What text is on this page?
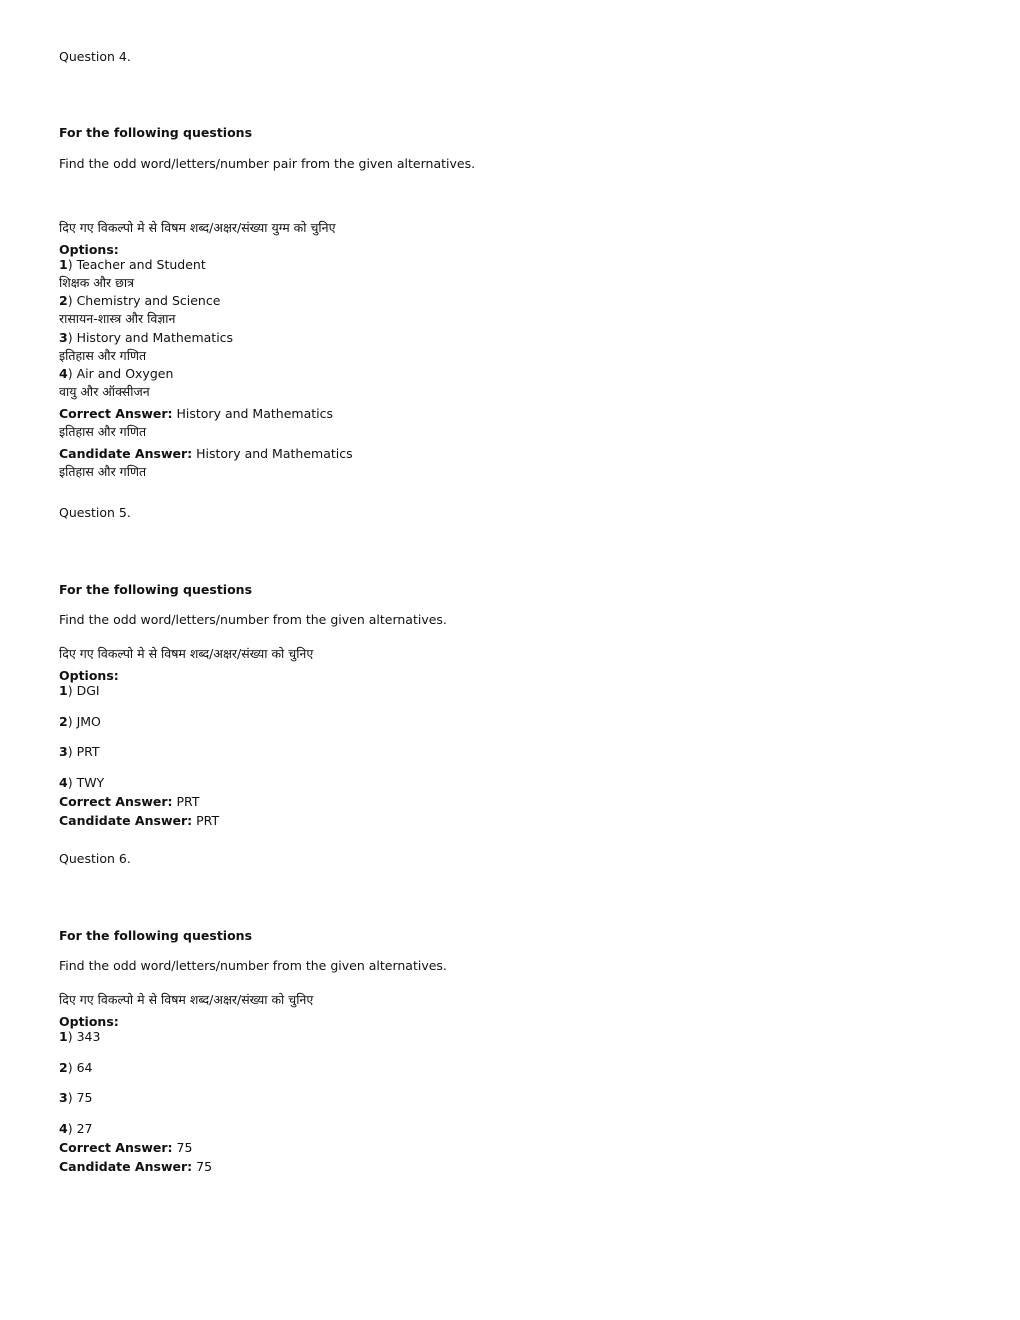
Question 4.
For the following questions
Find the odd word/letters/number pair from the given alternatives.
दिए गए विकल्पो मे से विषम शब्द/अक्षर/संख्या युग्म को चुनिए
Options:
1) Teacher and Student
शिक्षक और छात्र
2) Chemistry and Science
रासायन-शास्त्र और विज्ञान
3) History and Mathematics
इतिहास और गणित
4) Air and Oxygen
वायु और ऑक्सीजन
Correct Answer: History and Mathematics
इतिहास और गणित
Candidate Answer: History and Mathematics
इतिहास और गणित
Question 5.
For the following questions
Find the odd word/letters/number from the given alternatives.
दिए गए विकल्पो मे से विषम शब्द/अक्षर/संख्या को चुनिए
Options:
1) DGI
2) JMO
3) PRT
4) TWY
Correct Answer: PRT
Candidate Answer: PRT
Question 6.
For the following questions
Find the odd word/letters/number from the given alternatives.
दिए गए विकल्पो मे से विषम शब्द/अक्षर/संख्या को चुनिए
Options:
1) 343
2) 64
3) 75
4) 27
Correct Answer: 75
Candidate Answer: 75
